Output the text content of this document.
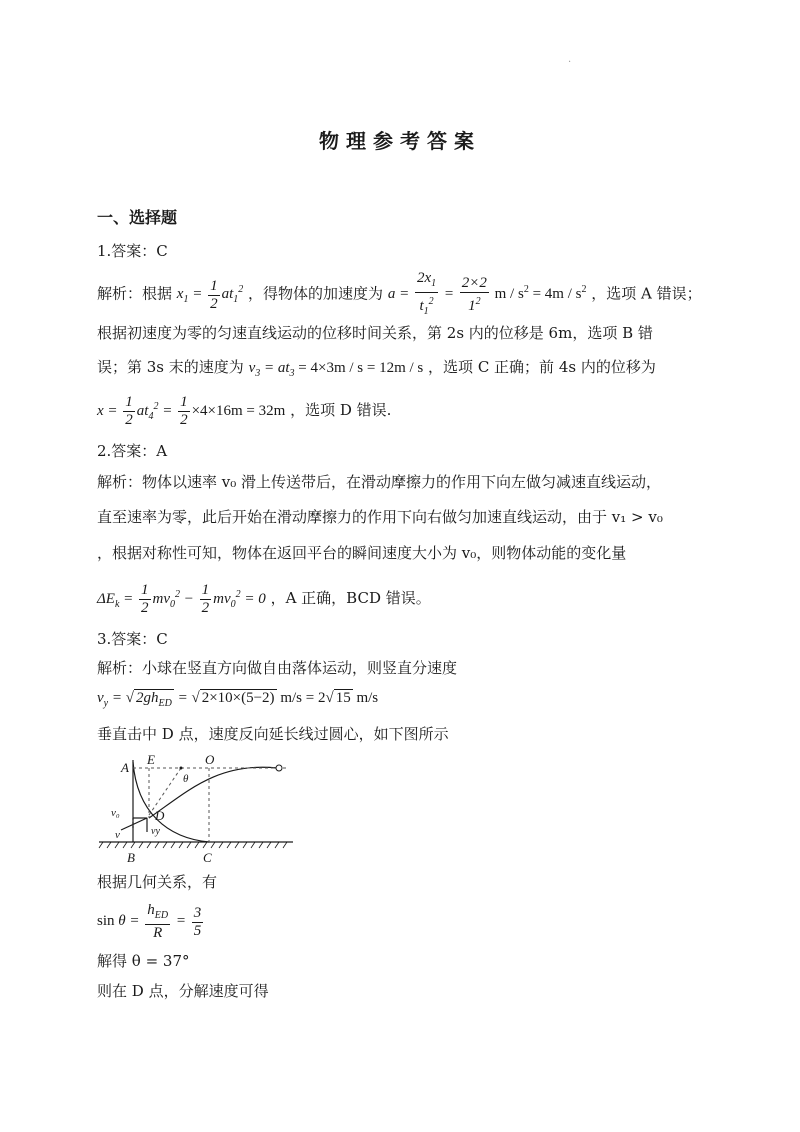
.
物理参考答案
一、选择题
1.答案：C
解析：根据 $x_1 = \frac{1}{2} at_1^2$ ，得物体的加速度为 $a = \frac{2x_1}{t_1^2} = \frac{2\times 2}{1^2}$ $m / s^2 = 4m / s^2$ ，选项 A 错误；
根据初速度为零的匀速直线运动的位移时间关系，第 2s 内的位移是 6m，选项 B 错
误；第 3s 末的速度为 $v_3 = at_3 = 4\times 3m / s = 12m / s$ ，选项 C 正确；前 4s 内的位移为
$x = \frac{1}{2} at_4^2 = \frac{1}{2} \times 4\times 16m = 32m$ ，选项 D 错误.
2.答案：A
解析：物体以速率 v₀ 滑上传送带后，在滑动摩擦力的作用下向左做匀减速直线运动，
直至速率为零，此后开始在滑动摩擦力的作用下向右做匀加速直线运动，由于 v₁ > v₀
，根据对称性可知，物体在返回平台的瞬间速度大小为 v₀，则物体动能的变化量
$\Delta E_k = \frac{1}{2} mv_0^2 - \frac{1}{2} mv_0^2 = 0$ ，A 正确，BCD 错误。
3.答案：C
解析：小球在竖直方向做自由落体运动，则竖直分速度
$v_y$ = √ $2gh_{ED}$ = √ 2×10×(5−2) m/s = 2√ 15 m/s
垂直击中 D 点，速度反向延长线过圆心，如下图所示
A
E	O
θ
v₀	D
v	vy
B	C
根据几何关系，有
$\sin \theta = \frac{h_{ED}}{R} = \frac{3}{5}$
解得 θ = 37°
则在 D 点，分解速度可得
